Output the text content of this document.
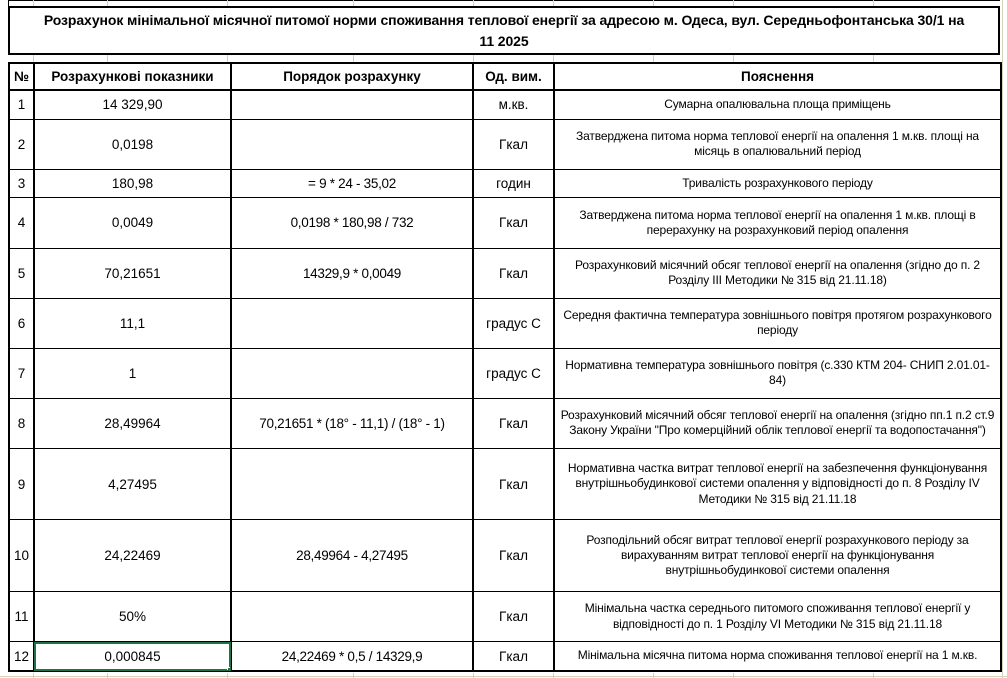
Розрахунок мінімальної місячної питомої норми споживання теплової енергії за адресою м. Одеса, вул. Середньофонтанська 30/1 на
11 2025
№	Розрахункові показники	Порядок розрахунку	Од. вим.	Пояснення
1	14 329,90		м.кв.	Сумарна опалювальна площа приміщень
2	0,0198		Гкал	Затверджена питома норма теплової енергії на опалення 1 м.кв. площі на місяць в опалювальний період
3	180,98	= 9 * 24 - 35,02	годин	Тривалість розрахункового періоду
4	0,0049	0,0198 * 180,98 / 732	Гкал	Затверджена питома норма теплової енергії на опалення 1 м.кв. площі в перерахунку на розрахунковий період опалення
5	70,21651	14329,9 * 0,0049	Гкал	Розрахунковий місячний обсяг теплової енергії на опалення (згідно до п. 2 Розділу III Методики № 315 від 21.11.18)
6	11,1		градус С	Середня фактична температура зовнішнього повітря протягом розрахункового періоду
7	1		градус С	Нормативна температура зовнішнього повітря (с.330 КТМ 204- СНИП 2.01.01-84)
8	28,49964	70,21651 * (18° - 11,1) / (18° - 1)	Гкал	Розрахунковий місячний обсяг теплової енергії на опалення (згідно пп.1 п.2 ст.9 Закону України "Про комерційний облік теплової енергії та водопостачання")
9	4,27495		Гкал	Нормативна частка витрат теплової енергії на забезпечення функціонування внутрішньобудинкової системи опалення у відповідності до п. 8 Розділу IV Методики № 315 від 21.11.18
10	24,22469	28,49964 - 4,27495	Гкал	Розподільний обсяг витрат теплової енергії розрахункового періоду за вирахуванням витрат теплової енергії на функціонування внутрішньобудинкової системи опалення
11	50%		Гкал	Мінімальна частка середнього питомого споживання теплової енергії у відповідності до п. 1 Розділу VI Методики № 315 від 21.11.18
12	0,000845	24,22469 * 0,5 / 14329,9	Гкал	Мінімальна місячна питома норма споживання теплової енергії на 1 м.кв.
